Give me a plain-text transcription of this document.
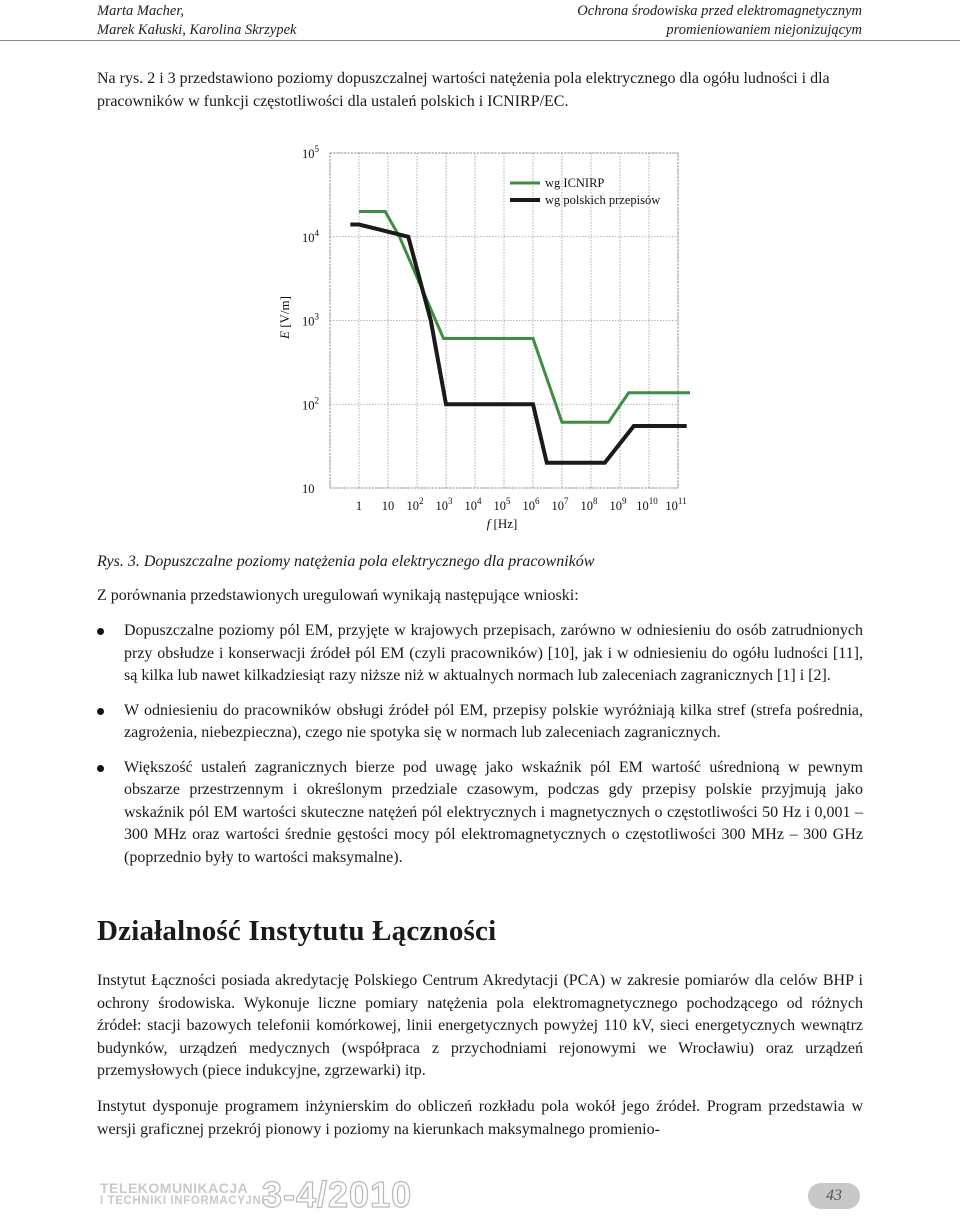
Marta Macher,
Marek Kałuski, Karolina Skrzypek
Ochrona środowiska przed elektromagnetycznym
promieniowaniem niejonizującym

Na rys. 2 i 3 przedstawiono poziomy dopuszczalnej wartości natężenia pola elektrycznego dla ogółu ludności i dla pracowników w funkcji częstotliwości dla ustaleń polskich i ICNIRP/EC.

10
$10^2$
$10^3$
$10^4$
$10^5$
1 10 $10^2$ $10^3$ $10^4$ $10^5$ $10^6$ $10^7$ $10^8$ $10^9$ $10^{10}$ $10^{11}$
f [Hz]
E [V/m]
wg ICNIRP
wg polskich przepisów
Rys. 3. Dopuszczalne poziomy natężenia pola elektrycznego dla pracowników

Z porównania przedstawionych uregulowań wynikają następujące wnioski:

Dopuszczalne poziomy pól EM, przyjęte w krajowych przepisach, zarówno w odniesieniu do osób zatrudnionych przy obsłudze i konserwacji źródeł pól EM (czyli pracowników) [10], jak i w odniesieniu do ogółu ludności [11], są kilka lub nawet kilkadziesiąt razy niższe niż w aktualnych normach lub zaleceniach zagranicznych [1] i [2].
W odniesieniu do pracowników obsługi źródeł pól EM, przepisy polskie wyróżniają kilka stref (strefa pośrednia, zagrożenia, niebezpieczna), czego nie spotyka się w normach lub zaleceniach zagranicznych.
Większość ustaleń zagranicznych bierze pod uwagę jako wskaźnik pól EM wartość uśrednioną w pewnym obszarze przestrzennym i określonym przedziale czasowym, podczas gdy przepisy polskie przyjmują jako wskaźnik pól EM wartości skuteczne natężeń pól elektrycznych i magnetycznych o częstotliwości 50 Hz i 0,001 – 300 MHz oraz wartości średnie gęstości mocy pól elektromagnetycznych o częstotliwości 300 MHz – 300 GHz (poprzednio były to wartości maksymalne).
Działalność Instytutu Łączności

Instytut Łączności posiada akredytację Polskiego Centrum Akredytacji (PCA) w zakresie pomiarów dla celów BHP i ochrony środowiska. Wykonuje liczne pomiary natężenia pola elektromagnetycznego pochodzącego od różnych źródeł: stacji bazowych telefonii komórkowej, linii energetycznych powyżej 110 kV, sieci energetycznych wewnątrz budynków, urządzeń medycznych (współpraca z przychodniami rejonowymi we Wrocławiu) oraz urządzeń przemysłowych (piece indukcyjne, zgrzewarki) itp.

Instytut dysponuje programem inżynierskim do obliczeń rozkładu pola wokół jego źródeł. Program przedstawia w wersji graficznej przekrój pionowy i poziomy na kierunkach maksymalnego promienio-

TELEKOMUNIKACJA
I TECHNIKI INFORMACYJNE
3-4/2010	43
